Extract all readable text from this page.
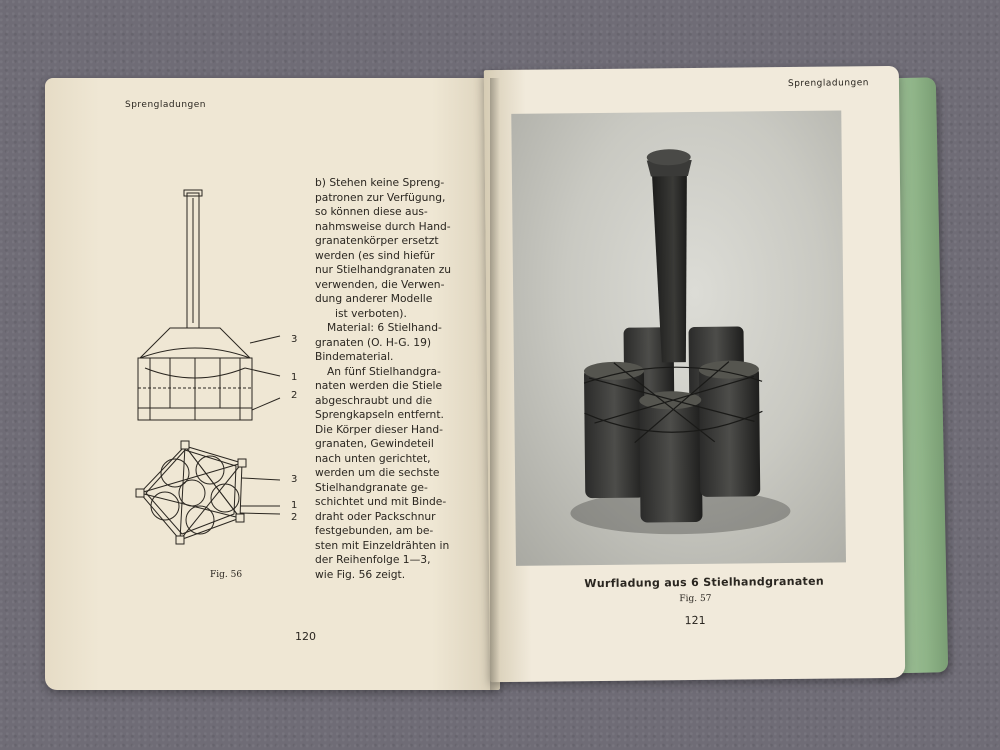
Sprengladungen
3
1
2
3
1
2
Fig. 56

b) Stehen keine Spreng-

patronen zur Verfügung,

so können diese aus-

nahmsweise durch Hand-

granatenkörper ersetzt

werden (es sind hiefür

nur Stielhandgranaten zu

verwenden, die Verwen-

dung anderer Modelle

ist verboten).

Material: 6 Stielhand-

granaten (O. H-G. 19)

Bindematerial.

An fünf Stielhandgra-

naten werden die Stiele

abgeschraubt und die

Sprengkapseln entfernt.

Die Körper dieser Hand-

granaten, Gewindeteil

nach unten gerichtet,

werden um die sechste

Stielhandgranate ge-

schichtet und mit Binde-

draht oder Packschnur

festgebunden, am be-

sten mit Einzeldrähten in

der Reihenfolge 1—3,

wie Fig. 56 zeigt.

120
Sprengladungen
Wurfladung aus 6 Stielhandgranaten
Fig. 57
121
